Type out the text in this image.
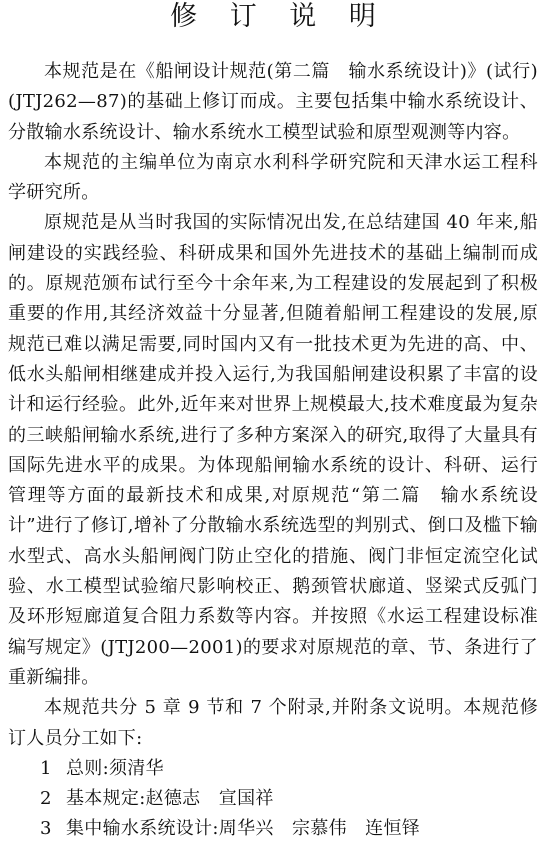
修 订 说 明

本规范是在《船闸设计规范(第二篇　输水系统设计)》(试行)(JTJ262—87)的基础上修订而成。主要包括集中输水系统设计、分散输水系统设计、输水系统水工模型试验和原型观测等内容。

本规范的主编单位为南京水利科学研究院和天津水运工程科学研究所。

原规范是从当时我国的实际情况出发,在总结建国 40 年来,船闸建设的实践经验、科研成果和国外先进技术的基础上编制而成的。原规范颁布试行至今十余年来,为工程建设的发展起到了积极重要的作用,其经济效益十分显著,但随着船闸工程建设的发展,原规范已难以满足需要,同时国内又有一批技术更为先进的高、中、低水头船闸相继建成并投入运行,为我国船闸建设积累了丰富的设计和运行经验。此外,近年来对世界上规模最大,技术难度最为复杂的三峡船闸输水系统,进行了多种方案深入的研究,取得了大量具有国际先进水平的成果。为体现船闸输水系统的设计、科研、运行管理等方面的最新技术和成果,对原规范“第二篇　输水系统设计”进行了修订,增补了分散输水系统选型的判别式、倒口及槛下输水型式、高水头船闸阀门防止空化的措施、阀门非恒定流空化试验、水工模型试验缩尺影响校正、鹅颈管状廊道、竖梁式反弧门及环形短廊道复合阻力系数等内容。并按照《水运工程建设标准编写规定》(JTJ200—2001)的要求对原规范的章、节、条进行了重新编排。

本规范共分 5 章 9 节和 7 个附录,并附条文说明。本规范修订人员分工如下:

1 总则:须清华
2 基本规定:赵德志　宣国祥
3 集中输水系统设计:周华兴　宗慕伟　连恒铎
